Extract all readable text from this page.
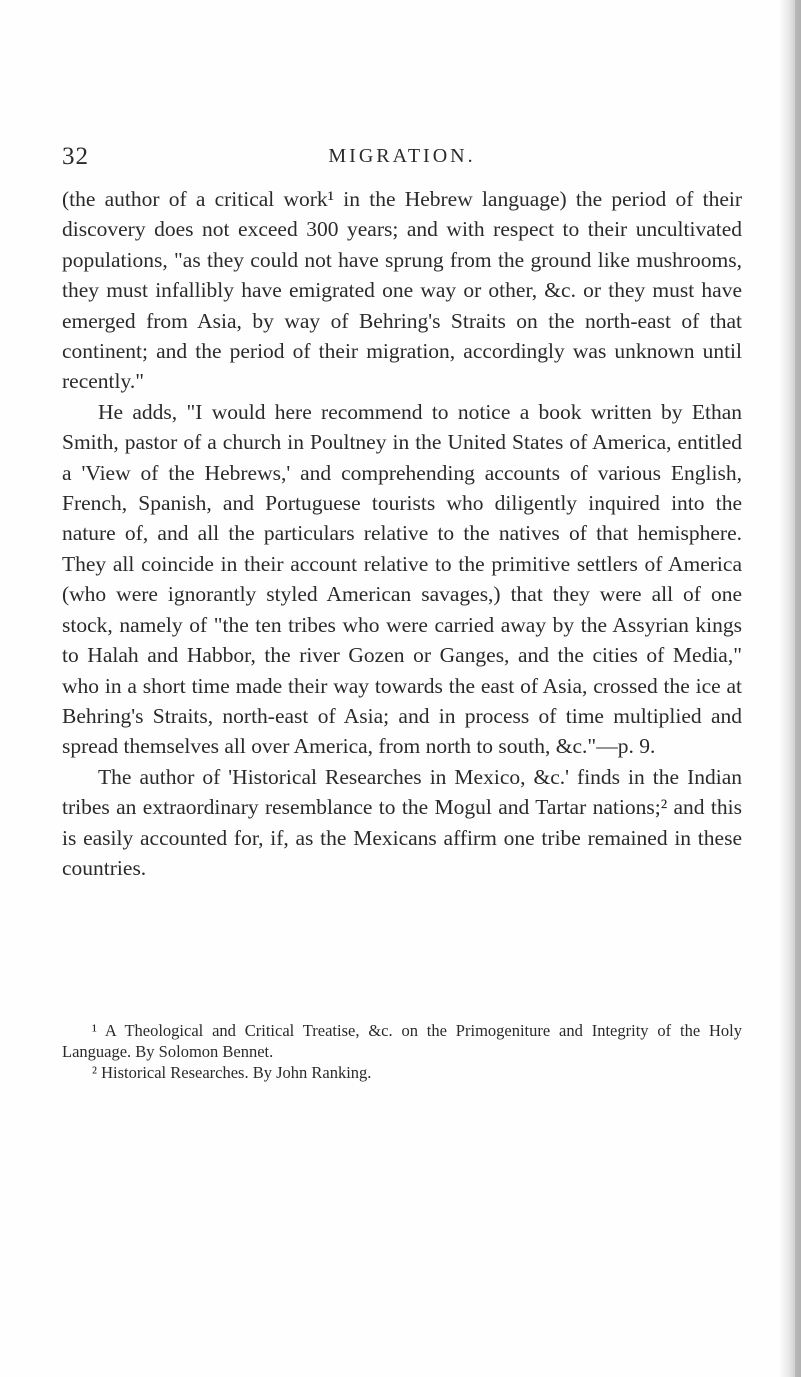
32	MIGRATION.

(the author of a critical work¹ in the Hebrew language) the period of their discovery does not exceed 300 years; and with respect to their uncultivated populations, "as they could not have sprung from the ground like mushrooms, they must infallibly have emigrated one way or other, &c. or they must have emerged from Asia, by way of Behring's Straits on the north-east of that continent; and the period of their migration, accordingly was unknown until recently."

He adds, "I would here recommend to notice a book written by Ethan Smith, pastor of a church in Poultney in the United States of America, entitled a 'View of the Hebrews,' and comprehending accounts of various English, French, Spanish, and Portuguese tourists who diligently inquired into the nature of, and all the particulars relative to the natives of that hemisphere. They all coincide in their account relative to the primitive settlers of America (who were ignorantly styled American savages,) that they were all of one stock, namely of "the ten tribes who were carried away by the Assyrian kings to Halah and Habbor, the river Gozen or Ganges, and the cities of Media," who in a short time made their way towards the east of Asia, crossed the ice at Behring's Straits, north-east of Asia; and in process of time multiplied and spread themselves all over America, from north to south, &c."—p. 9.

The author of 'Historical Researches in Mexico, &c.' finds in the Indian tribes an extraordinary resemblance to the Mogul and Tartar nations;² and this is easily accounted for, if, as the Mexicans affirm one tribe remained in these countries.

¹ A Theological and Critical Treatise, &c. on the Primogeniture and Integrity of the Holy Language. By Solomon Bennet.

² Historical Researches. By John Ranking.
